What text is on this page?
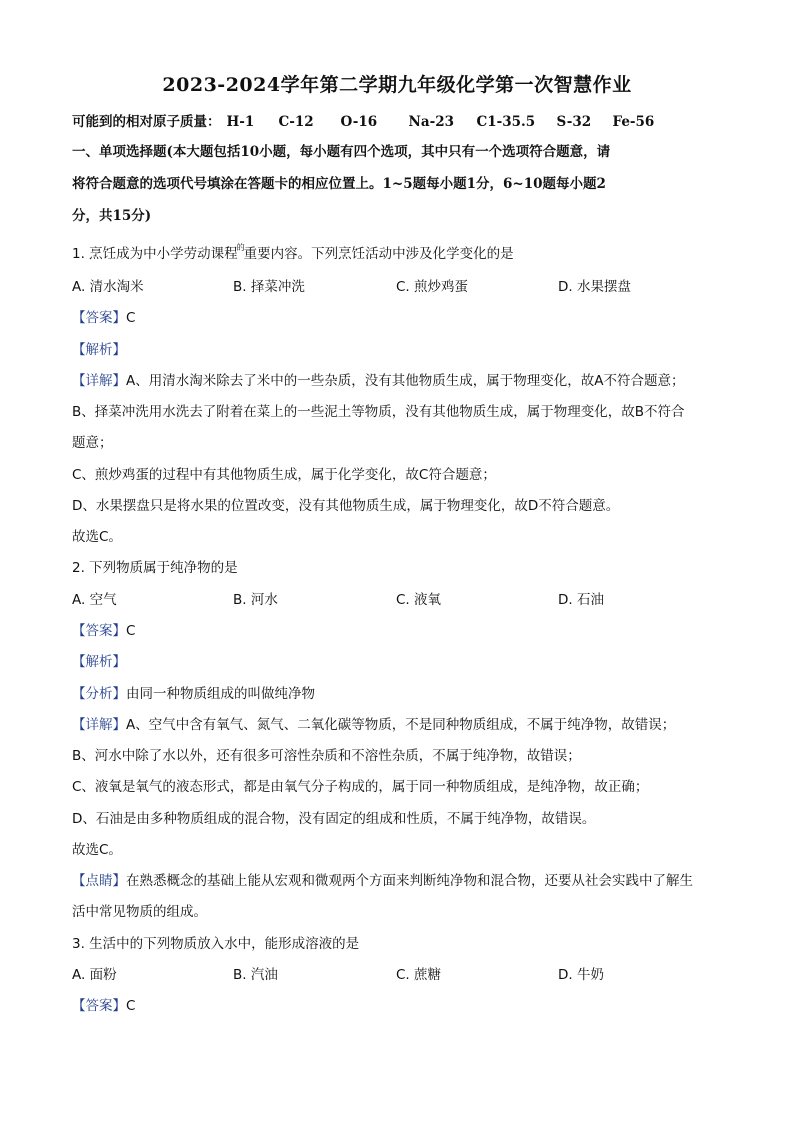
2023-2024学年第二学期九年级化学第一次智慧作业
可能到的相对原子质量： H-1 C-12 O-16 Na-23 C1-35.5 S-32 Fe-56
一、单项选择题(本大题包括10小题，每小题有四个选项，其中只有一个选项符合题意，请
将符合题意的选项代号填涂在答题卡的相应位置上。1~5题每小题1分，6~10题每小题2
分，共15分)
1. 烹饪成为中小学劳动课程$^的$重要内容。下列烹饪活动中涉及化学变化的是
A. 清水淘米	B. 择菜冲洗	C. 煎炒鸡蛋	D. 水果摆盘
【答案】C
【解析】
【详解】A、用清水淘米除去了米中的一些杂质，没有其他物质生成，属于物理变化，故A不符合题意；
B、择菜冲洗用水洗去了附着在菜上的一些泥土等物质，没有其他物质生成，属于物理变化，故B不符合
题意；
C、煎炒鸡蛋的过程中有其他物质生成，属于化学变化，故C符合题意；
D、水果摆盘只是将水果的位置改变，没有其他物质生成，属于物理变化，故D不符合题意。
故选C。
2. 下列物质属于纯净物的是
A. 空气	B. 河水	C. 液氧	D. 石油
【答案】C
【解析】
【分析】由同一种物质组成的叫做纯净物
【详解】A、空气中含有氧气、氮气、二氧化碳等物质，不是同种物质组成，不属于纯净物，故错误；
B、河水中除了水以外，还有很多可溶性杂质和不溶性杂质，不属于纯净物，故错误；
C、液氧是氧气的液态形式，都是由氧气分子构成的，属于同一种物质组成，是纯净物，故正确；
D、石油是由多种物质组成的混合物，没有固定的组成和性质，不属于纯净物，故错误。
故选C。
【点睛】在熟悉概念的基础上能从宏观和微观两个方面来判断纯净物和混合物，还要从社会实践中了解生
活中常见物质的组成。
3. 生活中的下列物质放入水中，能形成溶液的是
A. 面粉	B. 汽油	C. 蔗糖	D. 牛奶
【答案】C
